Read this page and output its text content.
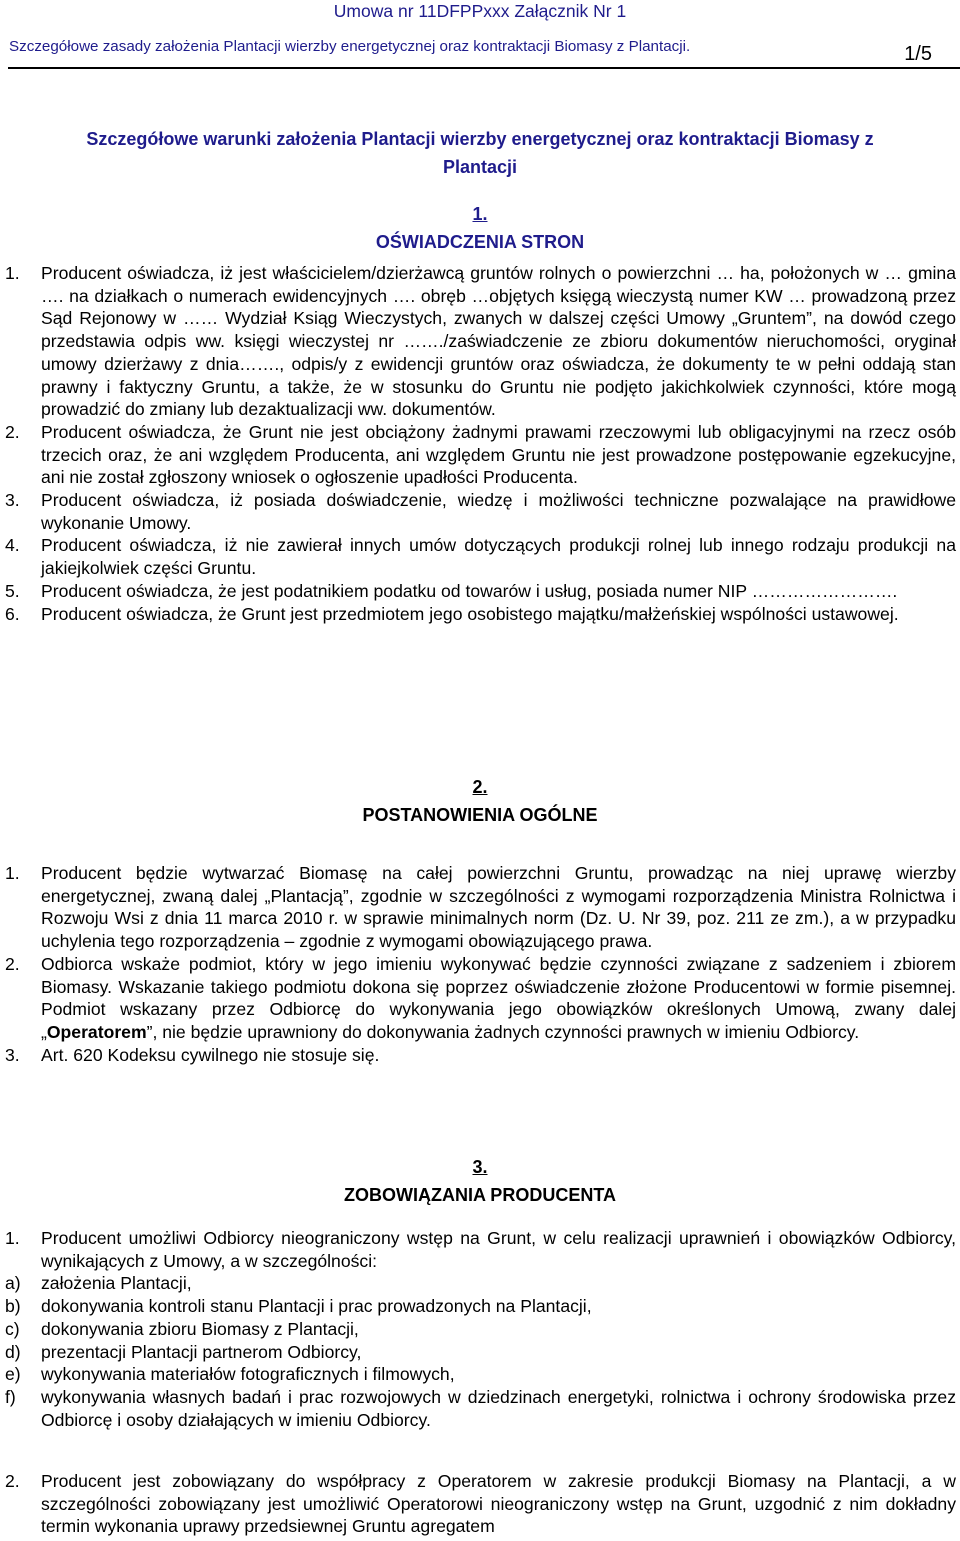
Umowa nr 11DFPPxxx Załącznik Nr 1
Szczegółowe zasady założenia Plantacji wierzby energetycznej oraz kontraktacji Biomasy z Plantacji.	1/5
Szczegółowe warunki założenia Plantacji wierzby energetycznej oraz kontraktacji Biomasy z
Plantacji
1.
OŚWIADCZENIA STRON
1. Producent oświadcza, iż jest właścicielem/dzierżawcą gruntów rolnych o powierzchni … ha, położonych w … gmina …. na działkach o numerach ewidencyjnych …. obręb …objętych księgą wieczystą numer KW … prowadzoną przez Sąd Rejonowy w …… Wydział Ksiąg Wieczystych, zwanych w dalszej części Umowy „Gruntem”, na dowód czego przedstawia odpis ww. księgi wieczystej nr ……./zaświadczenie ze zbioru dokumentów nieruchomości, oryginał umowy dzierżawy z dnia……., odpis/y z ewidencji gruntów oraz oświadcza, że dokumenty te w pełni oddają stan prawny i faktyczny Gruntu, a także, że w stosunku do Gruntu nie podjęto jakichkolwiek czynności, które mogą prowadzić do zmiany lub dezaktualizacji ww. dokumentów.
2. Producent oświadcza, że Grunt nie jest obciążony żadnymi prawami rzeczowymi lub obligacyjnymi na rzecz osób trzecich oraz, że ani względem Producenta, ani względem Gruntu nie jest prowadzone postępowanie egzekucyjne, ani nie został zgłoszony wniosek o ogłoszenie upadłości Producenta.
3. Producent oświadcza, iż posiada doświadczenie, wiedzę i możliwości techniczne pozwalające na prawidłowe wykonanie Umowy.
4. Producent oświadcza, iż nie zawierał innych umów dotyczących produkcji rolnej lub innego rodzaju produkcji na jakiejkolwiek części Gruntu.
5. Producent oświadcza, że jest podatnikiem podatku od towarów i usług, posiada numer NIP …………………….
6. Producent oświadcza, że Grunt jest przedmiotem jego osobistego majątku/małżeńskiej wspólności ustawowej.
2.
POSTANOWIENIA OGÓLNE
1. Producent będzie wytwarzać Biomasę na całej powierzchni Gruntu, prowadząc na niej uprawę wierzby energetycznej, zwaną dalej „Plantacją”, zgodnie w szczególności z wymogami rozporządzenia Ministra Rolnictwa i Rozwoju Wsi z dnia 11 marca 2010 r. w sprawie minimalnych norm (Dz. U. Nr 39, poz. 211 ze zm.), a w przypadku uchylenia tego rozporządzenia – zgodnie z wymogami obowiązującego prawa.
2. Odbiorca wskaże podmiot, który w jego imieniu wykonywać będzie czynności związane z sadzeniem i zbiorem Biomasy. Wskazanie takiego podmiotu dokona się poprzez oświadczenie złożone Producentowi w formie pisemnej. Podmiot wskazany przez Odbiorcę do wykonywania jego obowiązków określonych Umową, zwany dalej „Operatorem”, nie będzie uprawniony do dokonywania żadnych czynności prawnych w imieniu Odbiorcy.
3. Art. 620 Kodeksu cywilnego nie stosuje się.
3.
ZOBOWIĄZANIA PRODUCENTA
1. Producent umożliwi Odbiorcy nieograniczony wstęp na Grunt, w celu realizacji uprawnień i obowiązków Odbiorcy, wynikających z Umowy, a w szczególności:
a) założenia Plantacji,
b) dokonywania kontroli stanu Plantacji i prac prowadzonych na Plantacji,
c) dokonywania zbioru Biomasy z Plantacji,
d) prezentacji Plantacji partnerom Odbiorcy,
e) wykonywania materiałów fotograficznych i filmowych,
f) wykonywania własnych badań i prac rozwojowych w dziedzinach energetyki, rolnictwa i ochrony środowiska przez Odbiorcę i osoby działających w imieniu Odbiorcy.
2. Producent jest zobowiązany do współpracy z Operatorem w zakresie produkcji Biomasy na Plantacji, a w szczególności zobowiązany jest umożliwić Operatorowi nieograniczony wstęp na Grunt, uzgodnić z nim dokładny termin wykonania uprawy przedsiewnej Gruntu agregatem
